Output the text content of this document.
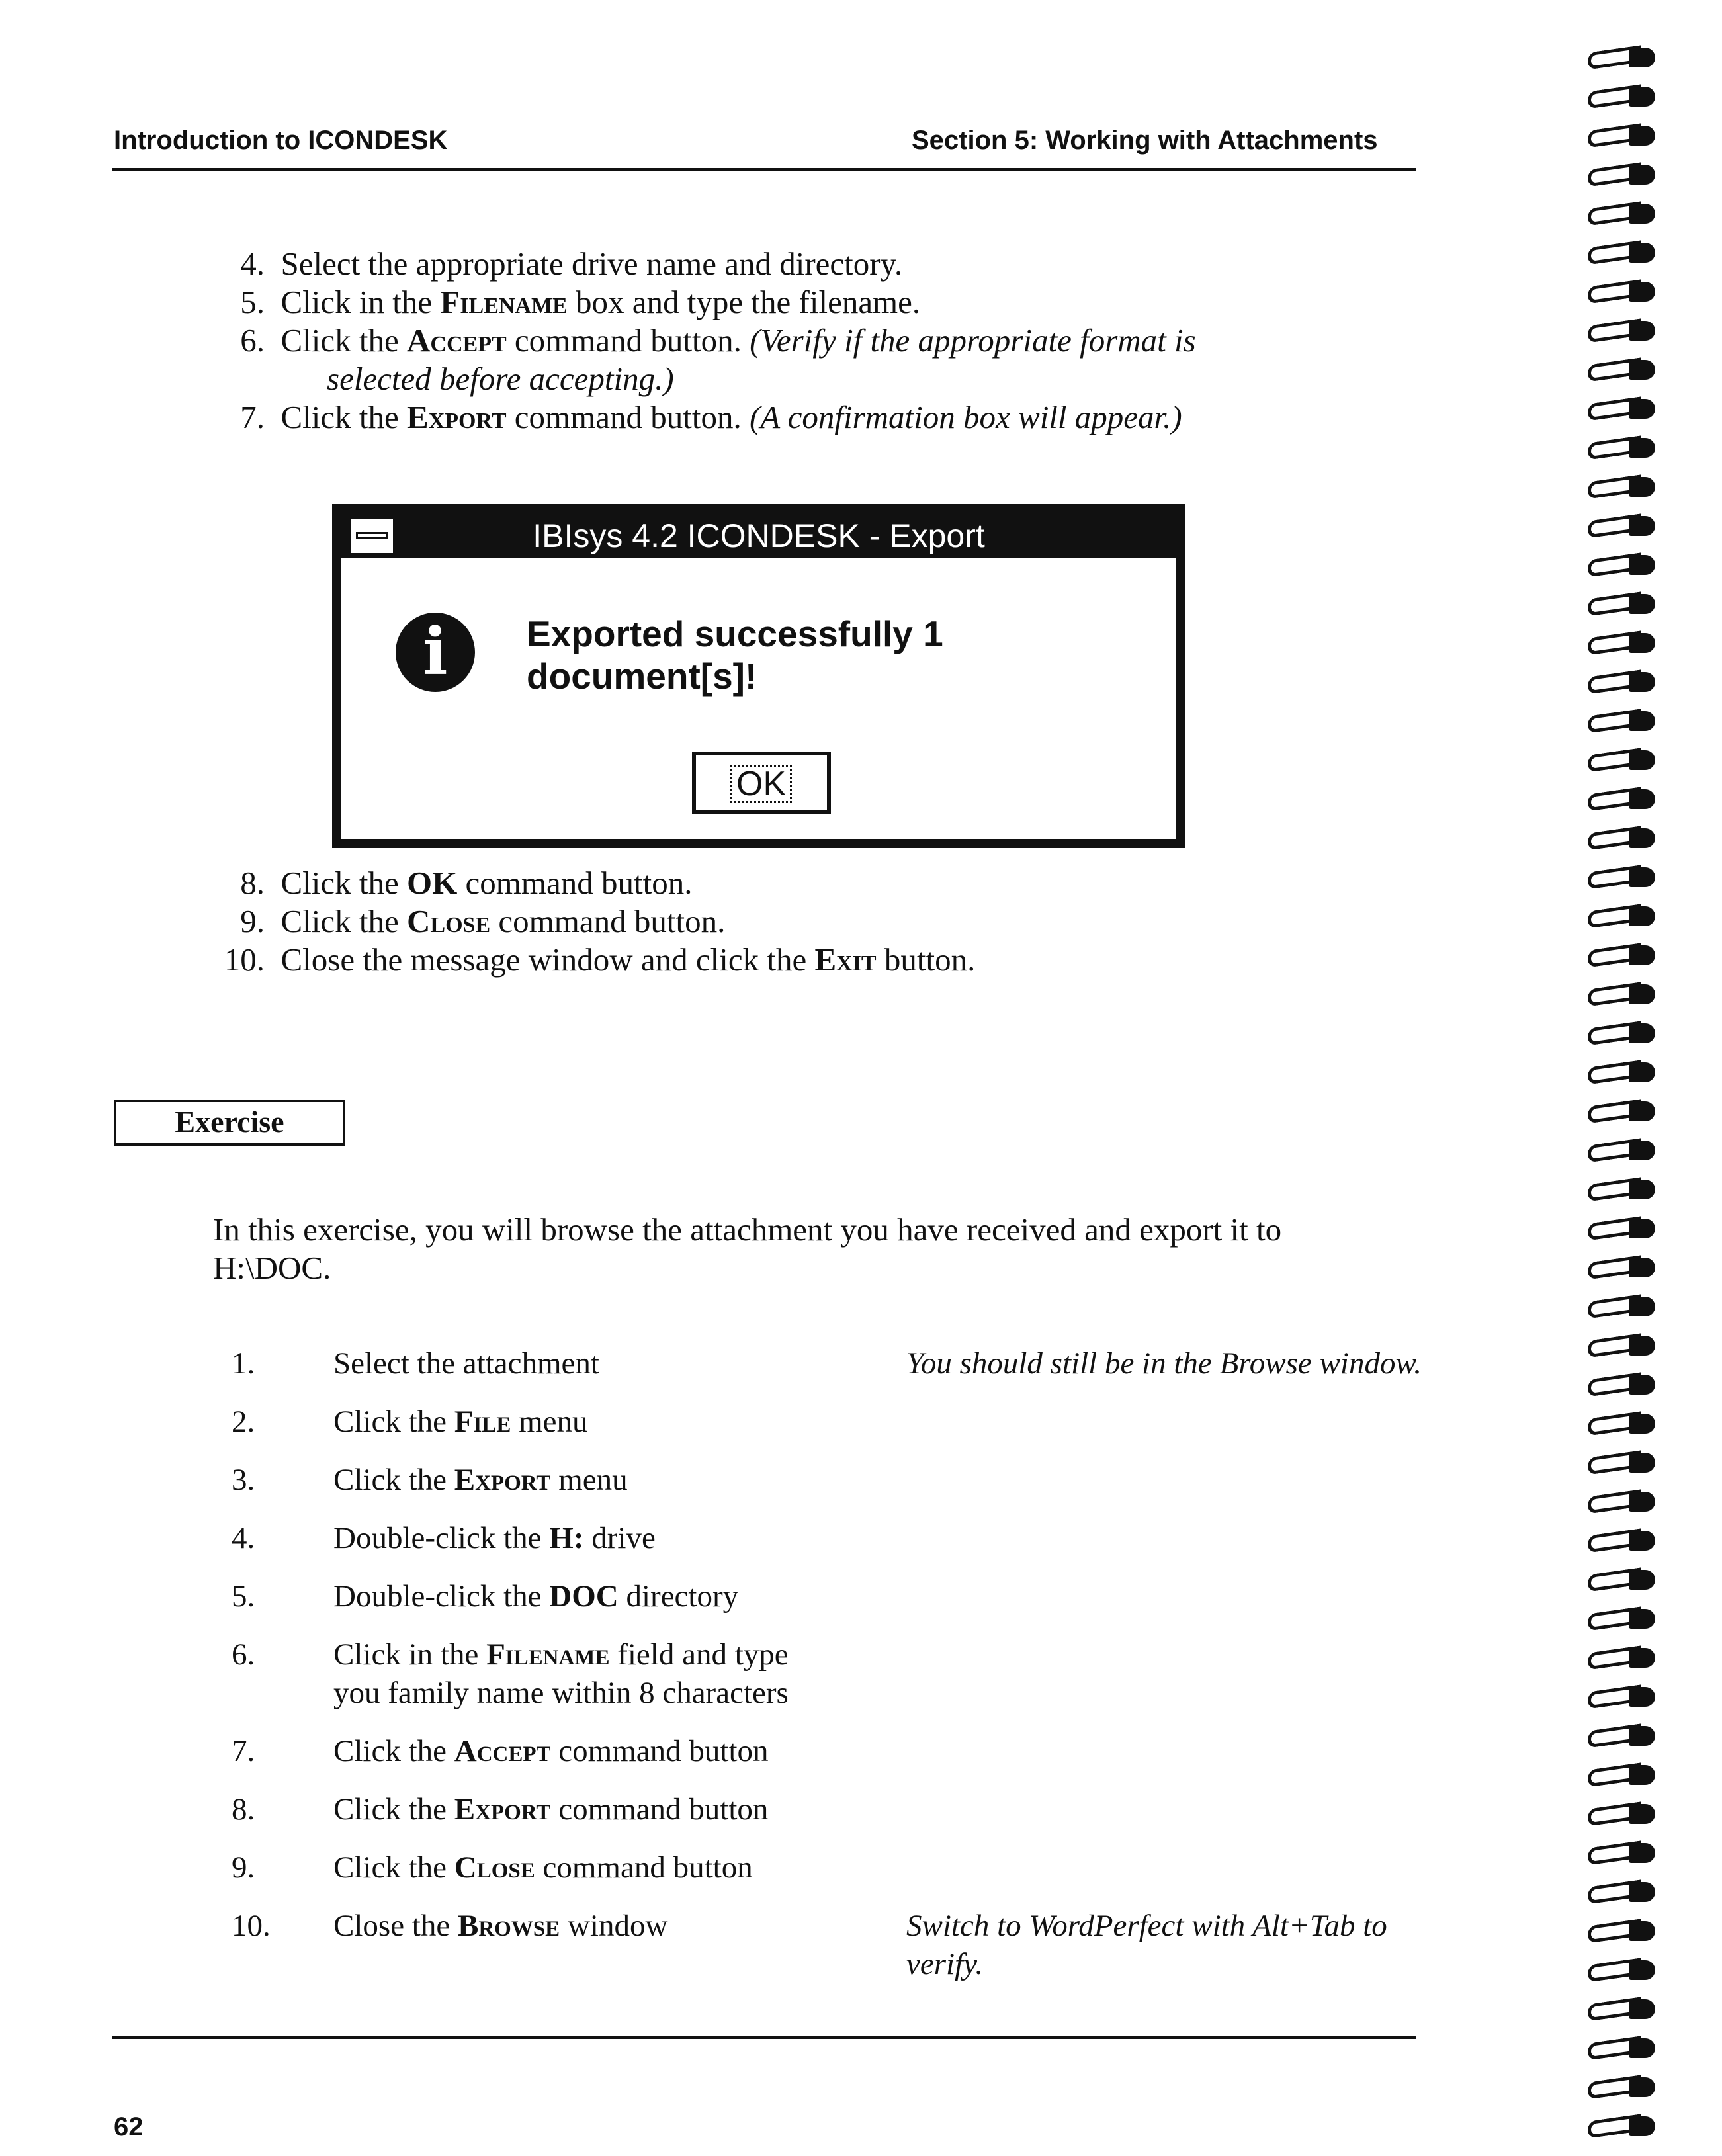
Introduction to ICONDESK	Section 5: Working with Attachments
4. Select the appropriate drive name and directory.
5. Click in the Filename box and type the filename.
6. Click the Accept command button. (Verify if the appropriate format is
selected before accepting.)
7. Click the Export command button. (A confirmation box will appear.)
IBIsys 4.2 ICONDESK - Export
i	Exported successfully 1 document[s]!
OK
8. Click the OK command button.
9. Click the Close command button.
10. Close the message window and click the Exit button.
Exercise
In this exercise, you will browse the attachment you have received and export it to
H:\DOC.
1.	Select the attachment	You should still be in the Browse window.
2.	Click the File menu
3.	Click the Export menu
4.	Double-click the H: drive
5.	Double-click the DOC directory
6.	Click in the Filename field and type
you family name within 8 characters
7.	Click the Accept command button
8.	Click the Export command button
9.	Click the Close command button
10. Close the Browse window	Switch to WordPerfect with Alt+Tab to
verify.
62
